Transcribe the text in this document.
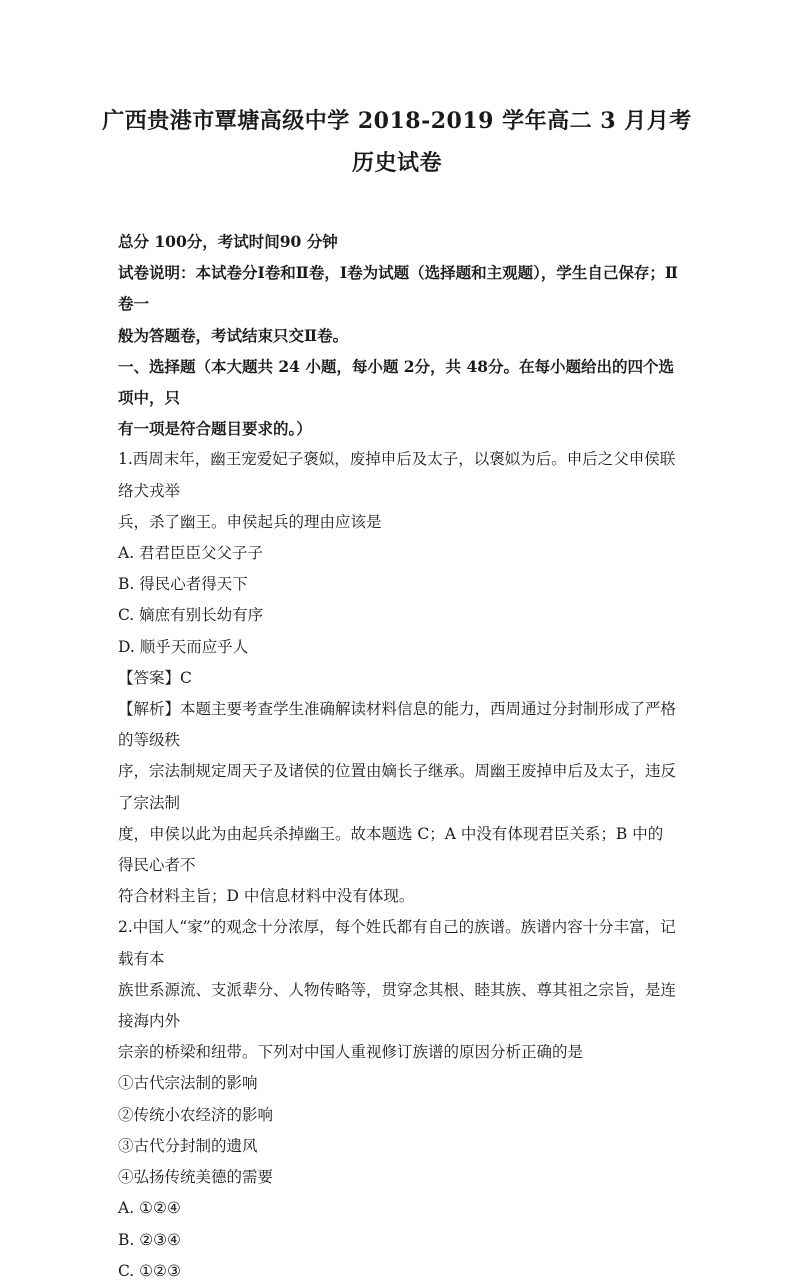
广西贵港市覃塘高级中学 2018-2019 学年高二 3 月月考
历史试卷

总分 100分，考试时间90 分钟

试卷说明：本试卷分Ⅰ卷和Ⅱ卷，Ⅰ卷为试题（选择题和主观题），学生自己保存；Ⅱ卷一

般为答题卷，考试结束只交Ⅱ卷。

一、选择题（本大题共 24 小题，每小题 2分，共 48分。在每小题给出的四个选项中，只

有一项是符合题目要求的。）

1.西周末年，幽王宠爱妃子褒姒，废掉申后及太子，以褒姒为后。申后之父申侯联络犬戎举

兵，杀了幽王。申侯起兵的理由应该是

A. 君君臣臣父父子子

B. 得民心者得天下

C. 嫡庶有别长幼有序

D. 顺乎天而应乎人

【答案】C

【解析】本题主要考查学生准确解读材料信息的能力，西周通过分封制形成了严格的等级秩

序，宗法制规定周天子及诸侯的位置由嫡长子继承。周幽王废掉申后及太子，违反了宗法制

度，申侯以此为由起兵杀掉幽王。故本题选 C；A 中没有体现君臣关系；B 中的得民心者不

符合材料主旨；D 中信息材料中没有体现。

2.中国人“家”的观念十分浓厚，每个姓氏都有自己的族谱。族谱内容十分丰富，记载有本

族世系源流、支派辈分、人物传略等，贯穿念其根、睦其族、尊其祖之宗旨，是连接海内外

宗亲的桥梁和纽带。下列对中国人重视修订族谱的原因分析正确的是

①古代宗法制的影响

②传统小农经济的影响

③古代分封制的遗风

④弘扬传统美德的需要

A. ①②④

B. ②③④

C. ①②③
